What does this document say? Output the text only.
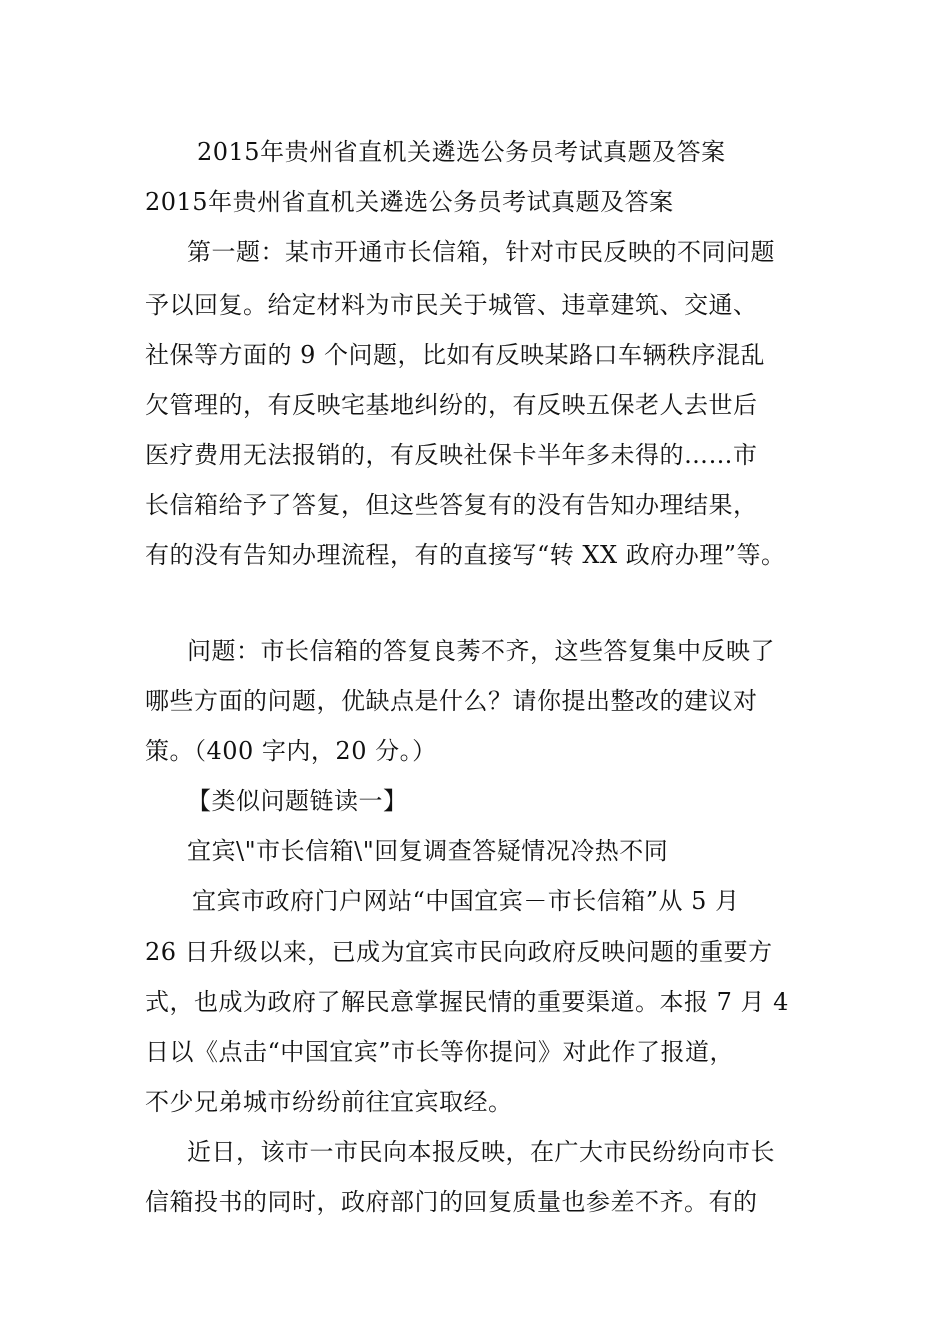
2015年贵州省直机关遴选公务员考试真题及答案
2015年贵州省直机关遴选公务员考试真题及答案
第一题：某市开通市长信箱，针对市民反映的不同问题
予以回复。给定材料为市民关于城管、违章建筑、交通、
社保等方面的 9 个问题，比如有反映某路口车辆秩序混乱
欠管理的，有反映宅基地纠纷的，有反映五保老人去世后
医疗费用无法报销的，有反映社保卡半年多未得的……市
长信箱给予了答复，但这些答复有的没有告知办理结果，
有的没有告知办理流程，有的直接写“转 XX 政府办理”等。
问题：市长信箱的答复良莠不齐，这些答复集中反映了
哪些方面的问题，优缺点是什么？请你提出整改的建议对
策。（400 字内，20 分。）
【类似问题链读一】
宜宾\"市长信箱\"回复调查答疑情况冷热不同
宜宾市政府门户网站“中国宜宾－市长信箱”从 5 月
26 日升级以来，已成为宜宾市民向政府反映问题的重要方
式，也成为政府了解民意掌握民情的重要渠道。本报 7 月 4
日以《点击“中国宜宾”市长等你提问》对此作了报道，
不少兄弟城市纷纷前往宜宾取经。
近日，该市一市民向本报反映，在广大市民纷纷向市长
信箱投书的同时，政府部门的回复质量也参差不齐。有的
